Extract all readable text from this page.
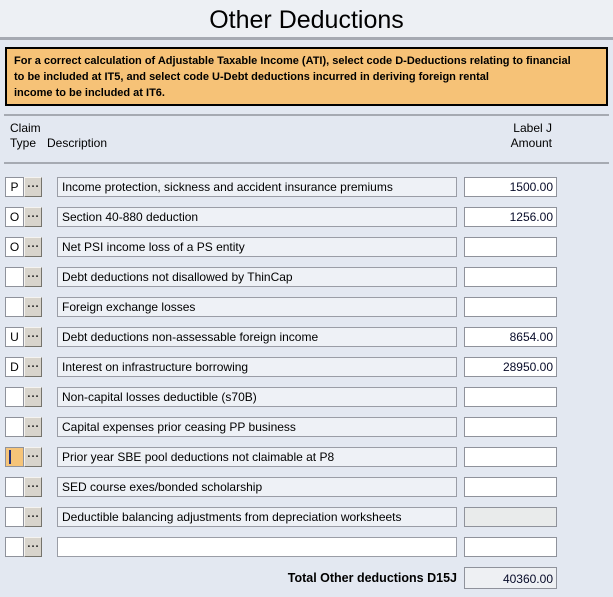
Other Deductions
For a correct calculation of Adjustable Taxable Income (ATI), select code D-Deductions relating to financial
to be included at IT5, and select code U-Debt deductions incurred in deriving foreign rental
income to be included at IT6.
Claim
Type Description
Label J
Amount
P
...
Income protection, sickness and accident insurance premiums
1500.00
O
...
Section 40-880 deduction
1256.00
O
...
Net PSI income loss of a PS entity
...
Debt deductions not disallowed by ThinCap
...
Foreign exchange losses
U
...
Debt deductions non-assessable foreign income
8654.00
D
...
Interest on infrastructure borrowing
28950.00
...
Non-capital losses deductible (s70B)
...
Capital expenses prior ceasing PP business
...
Prior year SBE pool deductions not claimable at P8
...
SED course exes/bonded scholarship
...
Deductible balancing adjustments from depreciation worksheets
...
Total Other deductions D15J	40360.00
